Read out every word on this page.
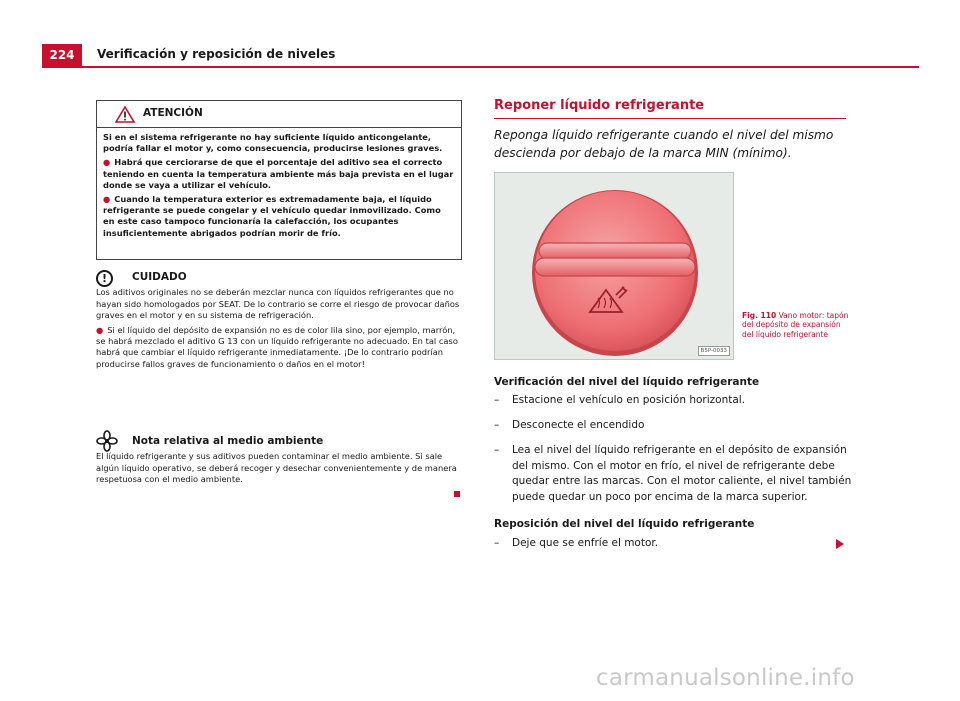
224	Verificación y reposición de niveles
ATENCIÓN

Si en el sistema refrigerante no hay suficiente líquido anticongelante, podría fallar el motor y, como consecuencia, producirse lesiones graves.

● Habrá que cerciorarse de que el porcentaje del aditivo sea el correcto teniendo en cuenta la temperatura ambiente más baja prevista en el lugar donde se vaya a utilizar el vehículo.

● Cuando la temperatura exterior es extremadamente baja, el líquido refrigerante se puede congelar y el vehículo quedar inmovilizado. Como en este caso tampoco funcionaría la calefacción, los ocupantes insuficientemente abrigados podrían morir de frío.

!	CUIDADO

Los aditivos originales no se deberán mezclar nunca con líquidos refrigerantes que no hayan sido homologados por SEAT. De lo contrario se corre el riesgo de provocar daños graves en el motor y en su sistema de refrigeración.

● Si el líquido del depósito de expansión no es de color lila sino, por ejemplo, marrón, se habrá mezclado el aditivo G 13 con un líquido refrigerante no adecuado. En tal caso habrá que cambiar el líquido refrigerante inmediatamente. ¡De lo contrario podrían producirse fallos graves de funcionamiento o daños en el motor!

Nota relativa al medio ambiente

El líquido refrigerante y sus aditivos pueden contaminar el medio ambiente. Si sale algún líquido operativo, se deberá recoger y desechar convenientemente y de manera respetuosa con el medio ambiente.

Reponer líquido refrigerante
Reponga líquido refrigerante cuando el nivel del mismo descienda por debajo de la marca MIN (mínimo).
B5P-0033
Fig. 110 Vano motor: tapón del depósito de expansión del líquido refrigerante
Verificación del nivel del líquido refrigerante
– Estacione el vehículo en posición horizontal.
– Desconecte el encendido
– Lea el nivel del líquido refrigerante en el depósito de expansión del mismo. Con el motor en frío, el nivel de refrigerante debe quedar entre las marcas. Con el motor caliente, el nivel también puede quedar un poco por encima de la marca superior.
Reposición del nivel del líquido refrigerante
– Deje que se enfríe el motor.
carmanualsonline.info
